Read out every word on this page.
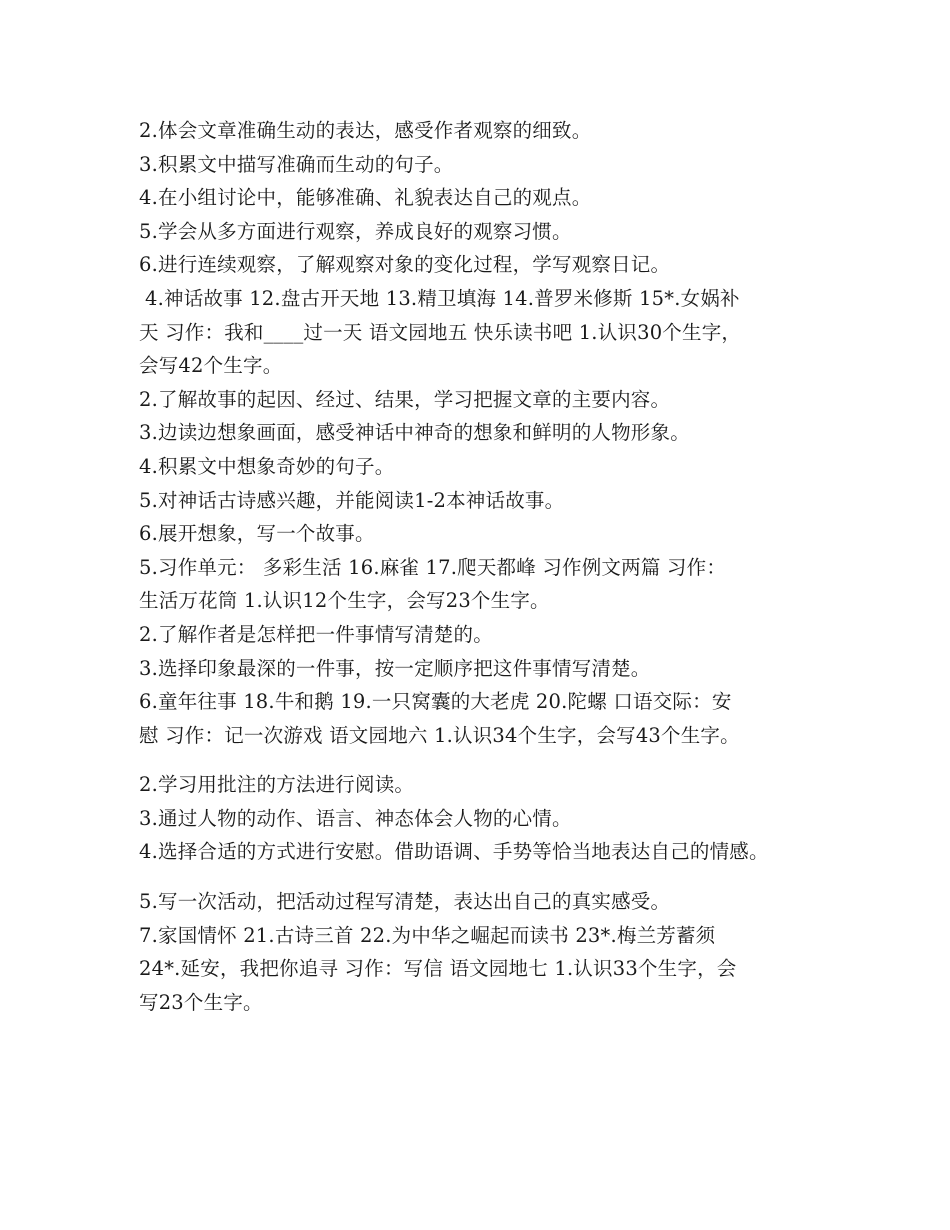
2.体会文章准确生动的表达，感受作者观察的细致。
3.积累文中描写准确而生动的句子。
4.在小组讨论中，能够准确、礼貌表达自己的观点。
5.学会从多方面进行观察，养成良好的观察习惯。
6.进行连续观察，了解观察对象的变化过程，学写观察日记。
4.神话故事 12.盘古开天地 13.精卫填海 14.普罗米修斯 15*.女娲补
天 习作：我和____过一天 语文园地五 快乐读书吧 1.认识30个生字，
会写42个生字。
2.了解故事的起因、经过、结果，学习把握文章的主要内容。
3.边读边想象画面，感受神话中神奇的想象和鲜明的人物形象。
4.积累文中想象奇妙的句子。
5.对神话古诗感兴趣，并能阅读1-2本神话故事。
6.展开想象，写一个故事。
5.习作单元： 多彩生活 16.麻雀 17.爬天都峰 习作例文两篇 习作：
生活万花筒 1.认识12个生字，会写23个生字。
2.了解作者是怎样把一件事情写清楚的。
3.选择印象最深的一件事，按一定顺序把这件事情写清楚。
6.童年往事 18.牛和鹅 19.一只窝囊的大老虎 20.陀螺 口语交际：安
慰 习作：记一次游戏 语文园地六 1.认识34个生字，会写43个生字。
2.学习用批注的方法进行阅读。
3.通过人物的动作、语言、神态体会人物的心情。
4.选择合适的方式进行安慰。借助语调、手势等恰当地表达自己的情感。
5.写一次活动，把活动过程写清楚，表达出自己的真实感受。
7.家国情怀 21.古诗三首 22.为中华之崛起而读书 23*.梅兰芳蓄须
24*.延安，我把你追寻 习作：写信 语文园地七 1.认识33个生字，会
写23个生字。
